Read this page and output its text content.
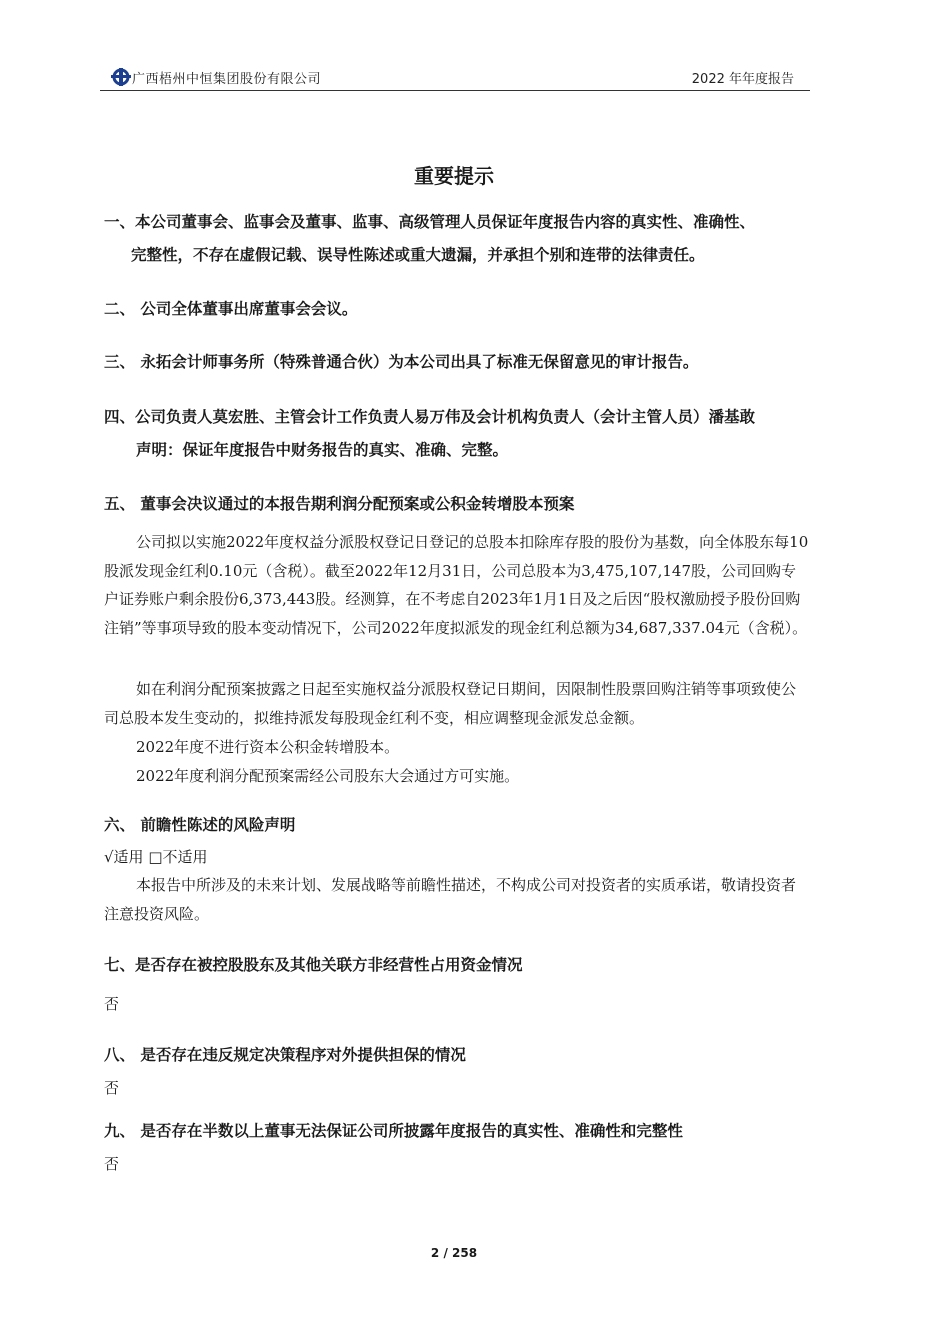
广西梧州中恒集团股份有限公司	2022 年年度报告
重要提示
一、本公司董事会、监事会及董事、监事、高级管理人员保证年度报告内容的真实性、准确性、
完整性，不存在虚假记载、误导性陈述或重大遗漏，并承担个别和连带的法律责任。
二、 公司全体董事出席董事会会议。
三、 永拓会计师事务所（特殊普通合伙）为本公司出具了标准无保留意见的审计报告。
四、公司负责人莫宏胜、主管会计工作负责人易万伟及会计机构负责人（会计主管人员）潘基敢
声明：保证年度报告中财务报告的真实、准确、完整。
五、 董事会决议通过的本报告期利润分配预案或公积金转增股本预案
公司拟以实施2022年度权益分派股权登记日登记的总股本扣除库存股的股份为基数，向全体股东每10股派发现金红利0.10元（含税）。截至2022年12月31日，公司总股本为3,475,107,147股，公司回购专户证券账户剩余股份6,373,443股。经测算，在不考虑自2023年1月1日及之后因“股权激励授予股份回购注销”等事项导致的股本变动情况下，公司2022年度拟派发的现金红利总额为34,687,337.04元（含税）。
如在利润分配预案披露之日起至实施权益分派股权登记日期间，因限制性股票回购注销等事项致使公司总股本发生变动的，拟维持派发每股现金红利不变，相应调整现金派发总金额。
2022年度不进行资本公积金转增股本。
2022年度利润分配预案需经公司股东大会通过方可实施。
六、 前瞻性陈述的风险声明
√适用 □不适用
本报告中所涉及的未来计划、发展战略等前瞻性描述，不构成公司对投资者的实质承诺，敬请投资者注意投资风险。
七、是否存在被控股股东及其他关联方非经营性占用资金情况
否
八、 是否存在违反规定决策程序对外提供担保的情况
否
九、 是否存在半数以上董事无法保证公司所披露年度报告的真实性、准确性和完整性
否
2 / 258
